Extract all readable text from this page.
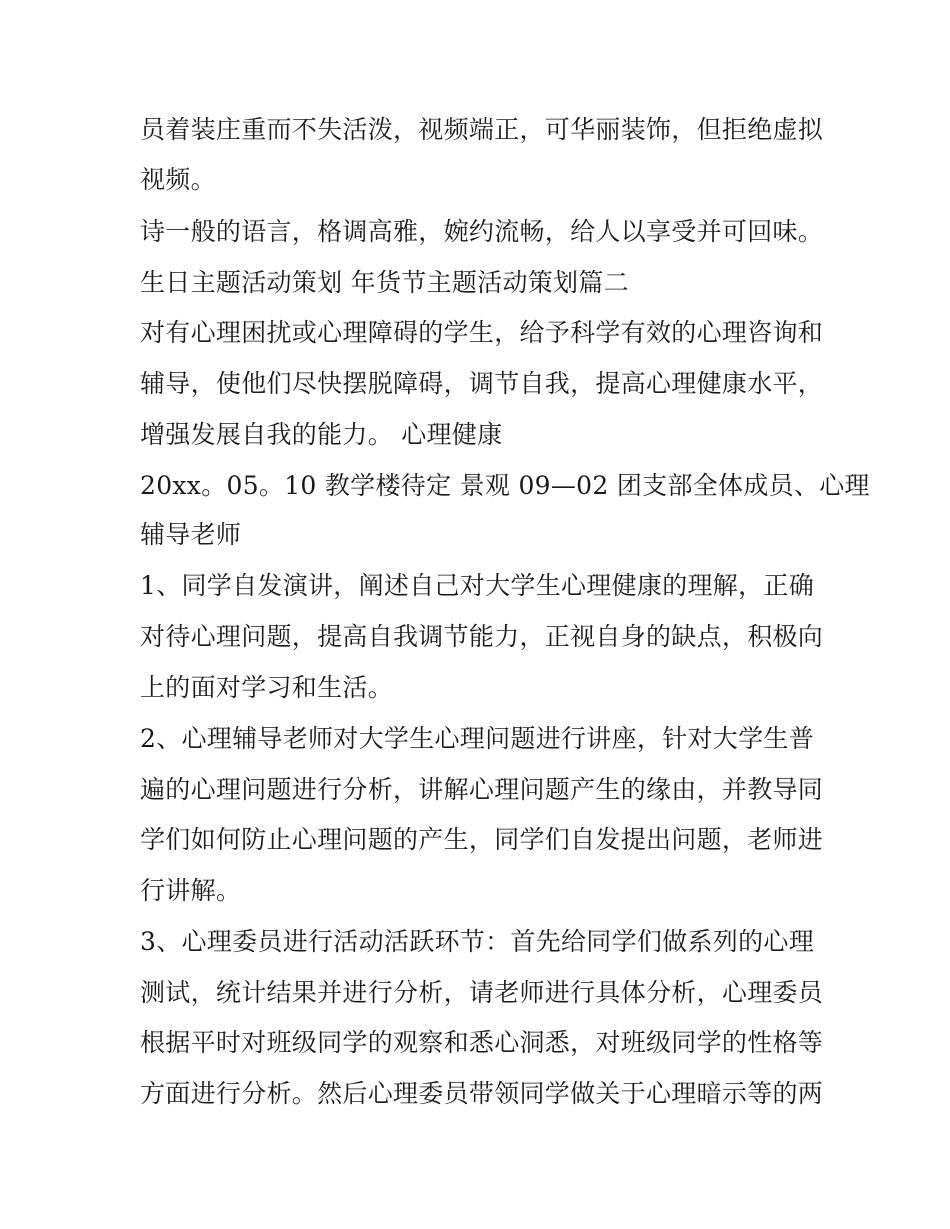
员着装庄重而不失活泼，视频端正，可华丽装饰，但拒绝虚拟
视频。
诗一般的语言，格调高雅，婉约流畅，给人以享受并可回味。
生日主题活动策划 年货节主题活动策划篇二
对有心理困扰或心理障碍的学生，给予科学有效的心理咨询和
辅导，使他们尽快摆脱障碍，调节自我，提高心理健康水平，
增强发展自我的能力。 心理健康
20xx。05。10 教学楼待定 景观 09—02 团支部全体成员、心理
辅导老师
1、同学自发演讲，阐述自己对大学生心理健康的理解，正确
对待心理问题，提高自我调节能力，正视自身的缺点，积极向
上的面对学习和生活。
2、心理辅导老师对大学生心理问题进行讲座，针对大学生普
遍的心理问题进行分析，讲解心理问题产生的缘由，并教导同
学们如何防止心理问题的产生，同学们自发提出问题，老师进
行讲解。
3、心理委员进行活动活跃环节：首先给同学们做系列的心理
测试，统计结果并进行分析，请老师进行具体分析，心理委员
根据平时对班级同学的观察和悉心洞悉，对班级同学的性格等
方面进行分析。然后心理委员带领同学做关于心理暗示等的两
